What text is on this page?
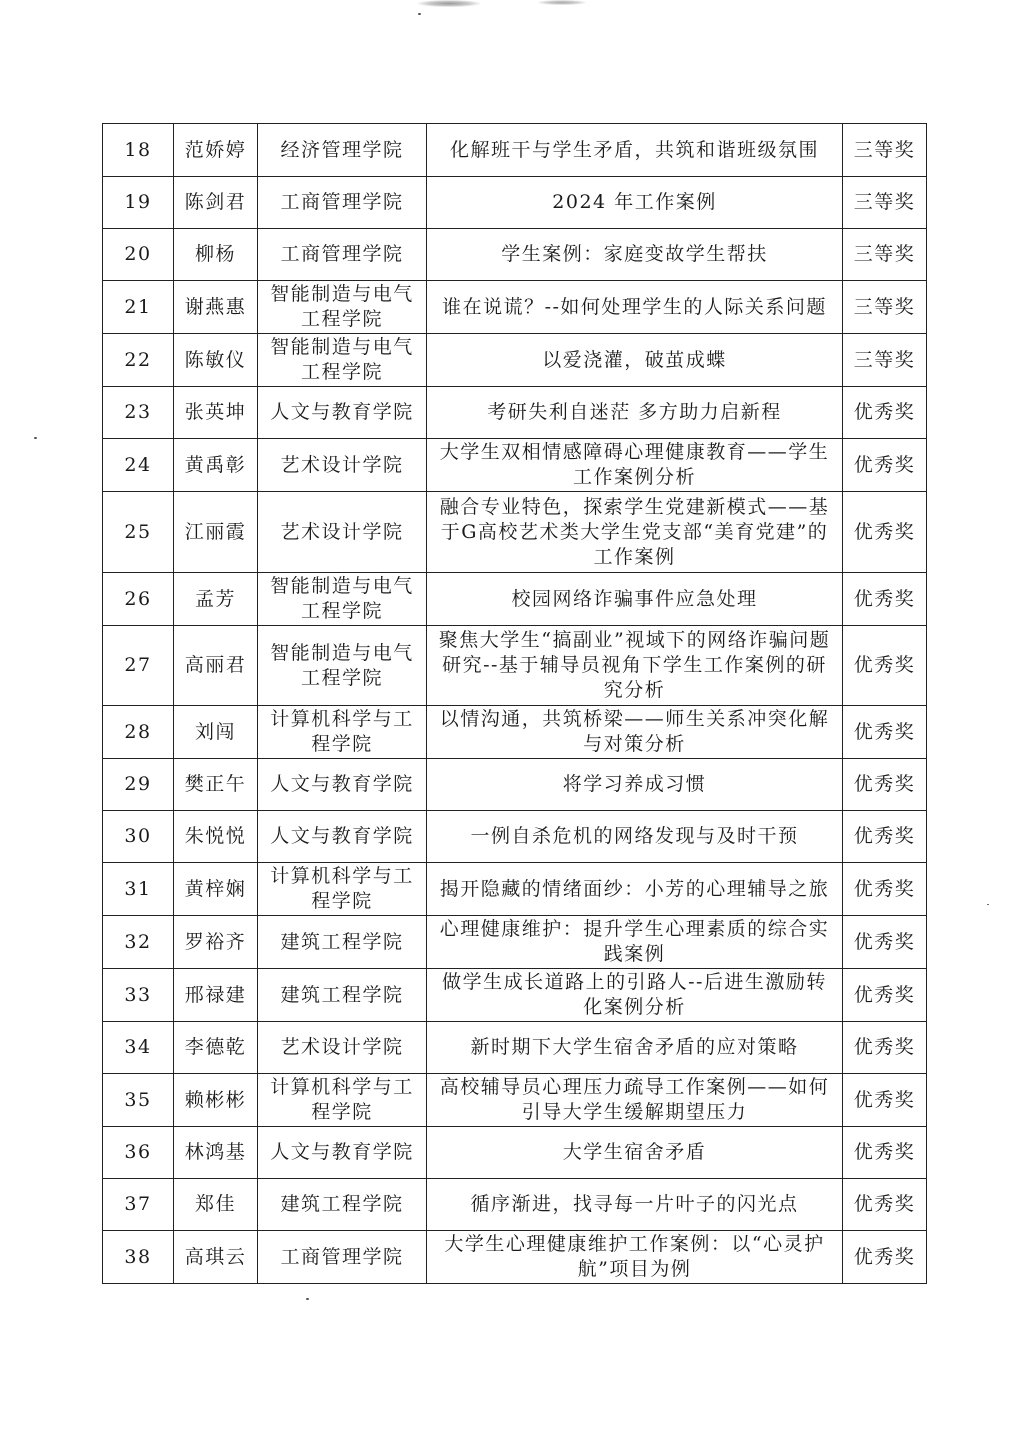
18	范娇婷	经济管理学院	化解班干与学生矛盾，共筑和谐班级氛围	三等奖
19	陈剑君	工商管理学院	2024 年工作案例	三等奖
20	柳杨	工商管理学院	学生案例：家庭变故学生帮扶	三等奖
21	谢燕惠	智能制造与电气工程学院	谁在说谎？--如何处理学生的人际关系问题	三等奖
22	陈敏仪	智能制造与电气工程学院	以爱浇灌，破茧成蝶	三等奖
23	张英坤	人文与教育学院	考研失利自迷茫 多方助力启新程	优秀奖
24	黄禹彰	艺术设计学院	大学生双相情感障碍心理健康教育——学生工作案例分析	优秀奖
25	江丽霞	艺术设计学院	融合专业特色，探索学生党建新模式——基于G高校艺术类大学生党支部“美育党建”的工作案例	优秀奖
26	孟芳	智能制造与电气工程学院	校园网络诈骗事件应急处理	优秀奖
27	高丽君	智能制造与电气工程学院	聚焦大学生“搞副业”视域下的网络诈骗问题研究--基于辅导员视角下学生工作案例的研究分析	优秀奖
28	刘闯	计算机科学与工程学院	以情沟通，共筑桥梁——师生关系冲突化解与对策分析	优秀奖
29	樊正午	人文与教育学院	将学习养成习惯	优秀奖
30	朱悦悦	人文与教育学院	一例自杀危机的网络发现与及时干预	优秀奖
31	黄梓娴	计算机科学与工程学院	揭开隐藏的情绪面纱：小芳的心理辅导之旅	优秀奖
32	罗裕齐	建筑工程学院	心理健康维护：提升学生心理素质的综合实践案例	优秀奖
33	邢禄建	建筑工程学院	做学生成长道路上的引路人--后进生激励转化案例分析	优秀奖
34	李德乾	艺术设计学院	新时期下大学生宿舍矛盾的应对策略	优秀奖
35	赖彬彬	计算机科学与工程学院	高校辅导员心理压力疏导工作案例——如何引导大学生缓解期望压力	优秀奖
36	林鸿基	人文与教育学院	大学生宿舍矛盾	优秀奖
37	郑佳	建筑工程学院	循序渐进，找寻每一片叶子的闪光点	优秀奖
38	高琪云	工商管理学院	大学生心理健康维护工作案例：以“心灵护航”项目为例	优秀奖
